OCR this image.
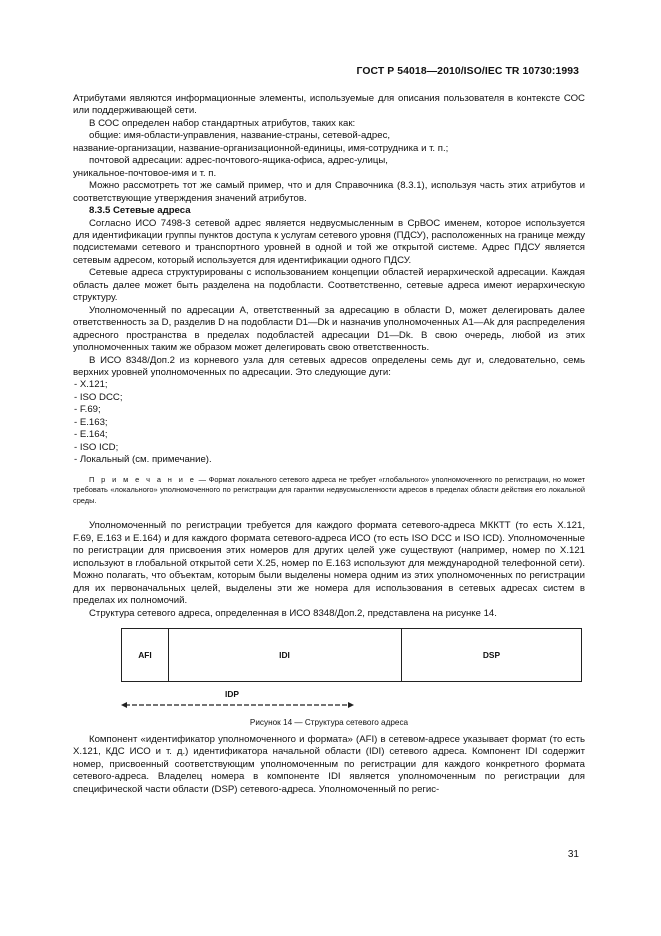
ГОСТ Р 54018—2010/ISO/IEC TR 10730:1993

Атрибутами являются информационные элементы, используемые для описания пользователя в контексте СОС или поддерживающей сети.

В СОС определен набор стандартных атрибутов, таких как:

общие: имя-области-управления, название-страны, сетевой-адрес,

название-организации, название-организационной-единицы, имя-сотрудника и т. п.;

почтовой адресации: адрес-почтового-ящика-офиса, адрес-улицы,

уникальное-почтовое-имя и т. п.

Можно рассмотреть тот же самый пример, что и для Справочника (8.3.1), используя часть этих атрибутов и соответствующие утверждения значений атрибутов.

8.3.5 Сетевые адреса

Согласно ИСО 7498-3 сетевой адрес является недвусмысленным в СрВОС именем, которое используется для идентификации группы пунктов доступа к услугам сетевого уровня (ПДСУ), расположенных на границе между подсистемами сетевого и транспортного уровней в одной и той же открытой системе. Адрес ПДСУ является сетевым адресом, который используется для идентификации одного ПДСУ.

Сетевые адреса структурированы с использованием концепции областей иерархической адресации. Каждая область далее может быть разделена на подобласти. Соответственно, сетевые адреса имеют иерархическую структуру.

Уполномоченный по адресации A, ответственный за адресацию в области D, может делегировать далее ответственность за D, разделив D на подобласти D1—Dk и назначив уполномоченных A1—Ak для распределения адресного пространства в пределах подобластей адресации D1—Dk. В свою очередь, любой из этих уполномоченных таким же образом может делегировать свою ответственность.

В ИСО 8348/Доп.2 из корневого узла для сетевых адресов определены семь дуг и, следовательно, семь верхних уровней уполномоченных по адресации. Это следующие дуги:

- X.121;
- ISO DCC;
- F.69;
- E.163;
- E.164;
- ISO ICD;
- Локальный (см. примечание).

П р и м е ч а н и е — Формат локального сетевого адреса не требует «глобального» уполномоченного по регистрации, но может требовать «локального» уполномоченного по регистрации для гарантии недвусмысленности адресов в пределах области действия его локальной среды.

Уполномоченный по регистрации требуется для каждого формата сетевого-адреса МККТТ (то есть X.121, F.69, E.163 и E.164) и для каждого формата сетевого-адреса ИСО (то есть ISO DCC и ISO ICD). Уполномоченные по регистрации для присвоения этих номеров для других целей уже существуют (например, номер по X.121 используют в глобальной открытой сети X.25, номер по E.163 используют для международной телефонной сети). Можно полагать, что объектам, которым были выделены номера одним из этих уполномоченных по регистрации для их первоначальных целей, выделены эти же номера для использования в сетевых адресах систем в пределах их полномочий.

Структура сетевого адреса, определенная в ИСО 8348/Доп.2, представлена на рисунке 14.

AFI	IDI	DSP
IDP
Рисунок 14 — Структура сетевого адреса

Компонент «идентификатор уполномоченного и формата» (AFI) в сетевом-адресе указывает формат (то есть X.121, КДС ИСО и т. д.) идентификатора начальной области (IDI) сетевого адреса. Компонент IDI содержит номер, присвоенный соответствующим уполномоченным по регистрации для каждого конкретного формата сетевого-адреса. Владелец номера в компоненте IDI является уполномоченным по регистрации для специфической части области (DSP) сетевого-адреса. Уполномоченный по регис-

31
